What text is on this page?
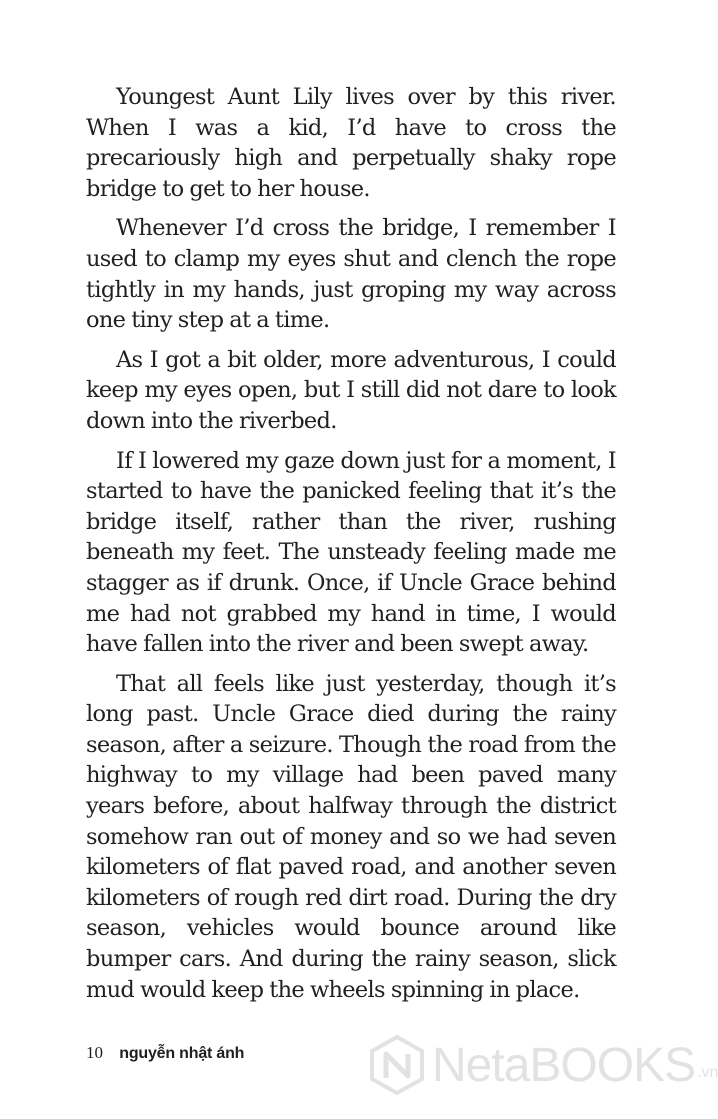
Youngest Aunt Lily lives over by this river. When I was a kid, I’d have to cross the precariously high and perpetually shaky rope bridge to get to her house.

Whenever I’d cross the bridge, I remember I used to clamp my eyes shut and clench the rope tightly in my hands, just groping my way across one tiny step at a time.

As I got a bit older, more adventurous, I could keep my eyes open, but I still did not dare to look down into the riverbed.

If I lowered my gaze down just for a moment, I started to have the panicked feeling that it’s the bridge itself, rather than the river, rushing beneath my feet. The unsteady feeling made me stagger as if drunk. Once, if Uncle Grace behind me had not grabbed my hand in time, I would have fallen into the river and been swept away.

That all feels like just yesterday, though it’s long past. Uncle Grace died during the rainy season, after a seizure. Though the road from the highway to my village had been paved many years before, about halfway through the district somehow ran out of money and so we had seven kilometers of flat paved road, and another seven kilometers of rough red dirt road. During the dry season, vehicles would bounce around like bumper cars. And during the rainy season, slick mud would keep the wheels spinning in place.

10 nguyễn nhật ánh	NetaBOOKS .vn
